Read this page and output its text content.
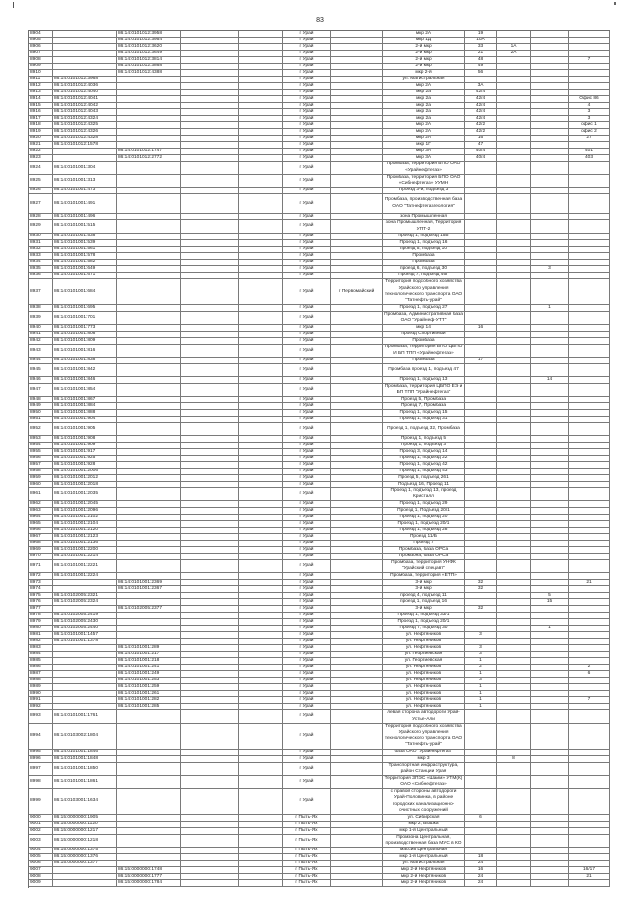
83
8904	86:14:0101012:3958	г Урай	мкр 2А	19
8905	86:14:0101012:3954	г Урай	мкр 1Д	10А
8906	86:14:0101012:3620	г Урай	2-й мкр	33	1А
8907	86:14:0101012:3649	г Урай	2-й мкр	21	2А
8908	86:14:0101012:3814	г Урай	2-й мкр	48	7
8909	86:14:0101012:3868	г Урай	2-й мкр	49
8910	86:14:0101012:4388	г Урай	мкр 2-й	56
8911	86:14:0101012:3968	г Урай	ул. Магистральная
8912	86:14:0101012:4036	г Урай	мкр 2А	3А
8913	86:14:0101012:4040	г Урай	мкр 2а	42/4
8914	86:14:0101012:4041	г Урай	мкр 2а	42/4	Офис 86
8915	86:14:0101012:4042	г Урай	мкр 2а	42/4	4
8916	86:14:0101012:4043	г Урай	мкр 2а	42/4	3
8917	86:14:0101012:4324	г Урай	мкр 2а	42/4	3
8918	86:14:0101012:4325	г Урай	мкр 2А	42/2	офис 1
8919	86:14:0101012:4326	г Урай	мкр 2А	42/2	офис 2
8920	86:14:0101012:4328	г Урай	мкр 2А	16	27
8921	86:14:0101012:1578	г Урай	мкр 1Г	47
8922	86:14:0101012:1747	г Урай	мкр 3А	40/4	401
8923	86:14:0101012:2772	г Урай	мкр 3А	40/4	403
8924	86:14:0101001:304	г Урай
Промбаза, территория БПО ОАО «Урайнефтегаз»
8925	86:14:0101001:313	г Урай
Промбаза, территория БПО ОАО «Сибнефтегаз» УУМН
8926	86:14:0101001:473	г Урай	Проезд 3-й, подъезд 3
8927	86:14:0101001:491	г Урай
Промбаза, производственная база ОАО "Татнефтегазгеология"
8928	86:14:0101001:496	г Урай	зона Промышленная
8929	86:14:0101001:515	г Урай
зона Промышленная, Территория УПТ-2
8930	86:14:0101001:538	г Урай	проезд 1, подъезд 15Б
8931	86:14:0101001:539	г Урай	Проезд 1, подъезд 16
8932	86:14:0101001:561	г Урай	проезд 5, подъезд 10
8933	86:14:0101001:578	г Урай	Промбаза
8934	86:14:0101001:582	г Урай	Промбаза
8935	86:14:0101001:649	г Урай	проезд 6, подъезд 30	3
8936	86:14:0101001:671	г Урай	Проезд 7, подъезд 46Г
8937	86:14:0101001:684	г Урай	г Первомайский
Территория подсобного хозяйства Урайского управления технологического транспорта ОАО "Татнефть-урай"
8938	86:14:0101001:695	г Урай	Проезд 1, подъезд 27	1
8939	86:14:0101001:701	г Урай
Промбаза, Административная база ОАО "Урайнеф-УТТ"
8940	86:14:0101001:773	г Урай	мкр 14	16
8941	86:14:0101001:808	г Урай	проезд Спортивный
8942	86:14:0101001:809	г Урай	Промбаза
8943	86:14:0101001:816	г Урай
Промбаза, Территория БПО ЦБПО И БП ТПП «Урайнефтегаз»
8944	86:14:0101001:838	г Урай	Промбаза	17
8945	86:14:0101001:842	г Урай	Промбаза проезд 1, подъезд 47
8946	86:14:0101001:846	г Урай	Проезд 1, подъезд 13	14
8947	86:14:0101001:854	г Урай
Промбаза, территория ЦБПО ЕЭ и БП ТПП "Урайнефтегаз"
8948	86:14:0101001:867	г Урай	Проезд 5, Промбаза
8949	86:14:0101001:884	г Урай	Проезд 7, Промбаза
8950	86:14:0101001:888	г Урай	Проезд 1, подъезд 15
8951	86:14:0101001:904	г Урай	Проезд 1, подъезд 31
8952	86:14:0101001:905	г Урай	Проезд 1, подъезд 32, Промбаза
8953	86:14:0101001:908	г Урай	Проезд 1, подъезд 5
8954	86:14:0101001:909	г Урай	Проезд 1, подъезд 3
8955	86:14:0101001:917	г Урай	Проезд 3, подъезд 14
8956	86:14:0101001:925	г Урай	Проезд 1, подъезд 22
8957	86:14:0101001:928	г Урай	Проезд 1, подъезд 42
8958	86:14:0101001:2006	г Урай	Проезд 1, подъезд 43
8959	86:14:0101001:2012	г Урай	Проезд 5, подъезд 261
8960	86:14:0101001:2018	г Урай	Подъезд 16, Проезд 11
8961	86:14:0101001:2035	г Урай
Проезд 1, подъезд 13, проезд Кристалл
8962	86:14:0101001:2045	г Урай	Проезд 1, подъезд 29
8963	86:14:0101001:2096	г Урай	Проезд 1, Подъезд 20/1
8964	86:14:0101001:2102	г Урай	Проезд 1, подъезд 20
8965	86:14:0101001:2104	г Урай	Проезд 1, подъезд 20/1
8966	86:14:0101001:2120	г Урай	Проезд 1, подъезд 28
8967	86:14:0101001:2123	г Урай	Проезд 11/Б
8968	86:14:0101001:2136	г Урай	Проезд 7
8969	86:14:0101001:2200	г Урай	Промбаза, база ОРСа
8970	86:14:0101001:2214	г Урай	Промзона, база ОРСа
8971	86:14:0101001:2221	г Урай
Промбаза, территория УНФК "Урайский спецавт"
8972	86:14:0101001:2224	г Урай	Промбаза, территория «ЕТП»
8973	86:14:0101001:2369	г Урай	3-й мкр	32	21
8974	86:14:0101001:2367	г Урай	3-й мкр	32
8975	86:14:0102005:2321	г Урай	проезд 4, подъезд 11	5
8976	86:14:0102005:2324	г Урай	проезд 1, подъезд 16	15
8977	86:14:0102005:2377	г Урай	3-й мкр	32
8978	86:14:0102005:2419	г Урай	Проезд 1, подъезд 33/1
8979	86:14:0102005:2430	г Урай	Проезд 1, подъезд 20/1
8980	86:14:0102005:2440	г Урай	Проезд 7, подъезд 30	1
8981	86:14:0101001:1457	г Урай	ул. Нефтяников	3
8982	86:14:0101001:1378	г Урай	ул. Нефтяников
8983	86:14:0101001:289	г Урай	ул. Нефтяников	3
8984	86:14:0101001:217	г Урай	ул. Георгиевская	3
8985	86:14:0101001:218	г Урай	ул. Георгиевская	1
8986	86:14:0101001:241	г Урай	ул. Нефтяников	2	2
8987	86:14:0101001:249	г Урай	ул. Нефтяников	1	6
8988	86:14:0101001:253	г Урай	ул. Нефтяников	3
8989	86:14:0101001:259	г Урай	ул. Нефтяников	1
8990	86:14:0101001:261	г Урай	ул. Нефтяников	1
8991	86:14:0101001:282	г Урай	ул. Нефтяников	1	7
8992	86:14:0101001:285	г Урай	ул. Нефтяников	1
8993	86:14:0101001:1761	г Урай
левая сторона автодороги Урай-Устье-Али
8994	86:14:0103002:1804	г Урай
Территория подсобного хозяйства Урайского управления технологического транспорта ОАО "Татнефть-урай"
8995	86:14:0101001:1846	г Урай	база ОАО "Урайнефтегаз"
8996	86:14:0101001:1848	г Урай	мкр 3	8
8997	86:14:0101001:1850	г Урай
Транспортная инфраструктура, район Станции Урая
8998	86:14:0101001:1861	г Урай
Территория ЗПЭС «Шаим» УТМ(К) ОАО «Сибнефтегаз»
8999	86:14:0103001:1634	г Урай
с правой стороны автодороги Урай-Половинка, в районе городских канализационно-очистных сооружений
9000	86:15:0000000:1905	г Пыть-Ях	ул. Сибирская	6
9001	86:15:0000000:1120	г Пыть-Ях	мкр 2, Вышка
9002	86:15:0000000:1217	г Пыть-Ях	мкр 1-й Центральный
9003	86:15:0000000:1218	г Пыть-Ях
Промзона Центральная, производственная база МУС в КО
9004	86:15:0000000:1375	г Пыть-Ях	массив Центральная
9005	86:15:0000000:1376	г Пыть-Ях	мкр 1-й Центральный	18
9006	86:15:0000000:1377	г Пыть-Ях	ул. Магистральная	24
9007	86:15:0000000:1748	г Пыть-Ях	мкр 2-й Нефтяников	16	16/17
9008	86:15:0000000:1777	г Пыть-Ях	мкр 2-й Нефтяников	24	21
9009	86:15:0000000:1784	г Пыть-Ях	мкр 2-й Нефтяников	24
